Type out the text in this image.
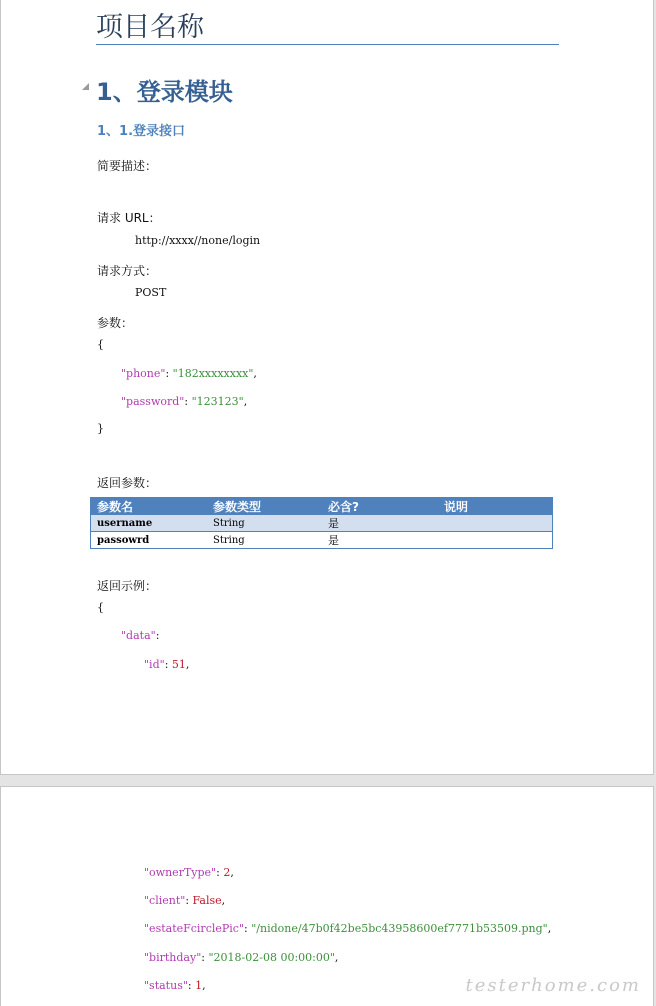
项目名称
1、登录模块
1、1.登录接口
简要描述：
请求 URL：
http://xxxx//none/login
请求方式：
POST
参数：
{
"phone": "182xxxxxxxx",
"password": "123123",
}
返回参数：
参数名	参数类型	必含?	说明
username	String	是	
passowrd	String	是	
返回示例：
{
"data":
"id": 51,
"ownerType": 2,
"client": False,
"estateFcirclePic": "/nidone/47b0f42be5bc43958600ef7771b53509.png",
"birthday": "2018-02-08 00:00:00",
"status": 1,	testerhome.com
